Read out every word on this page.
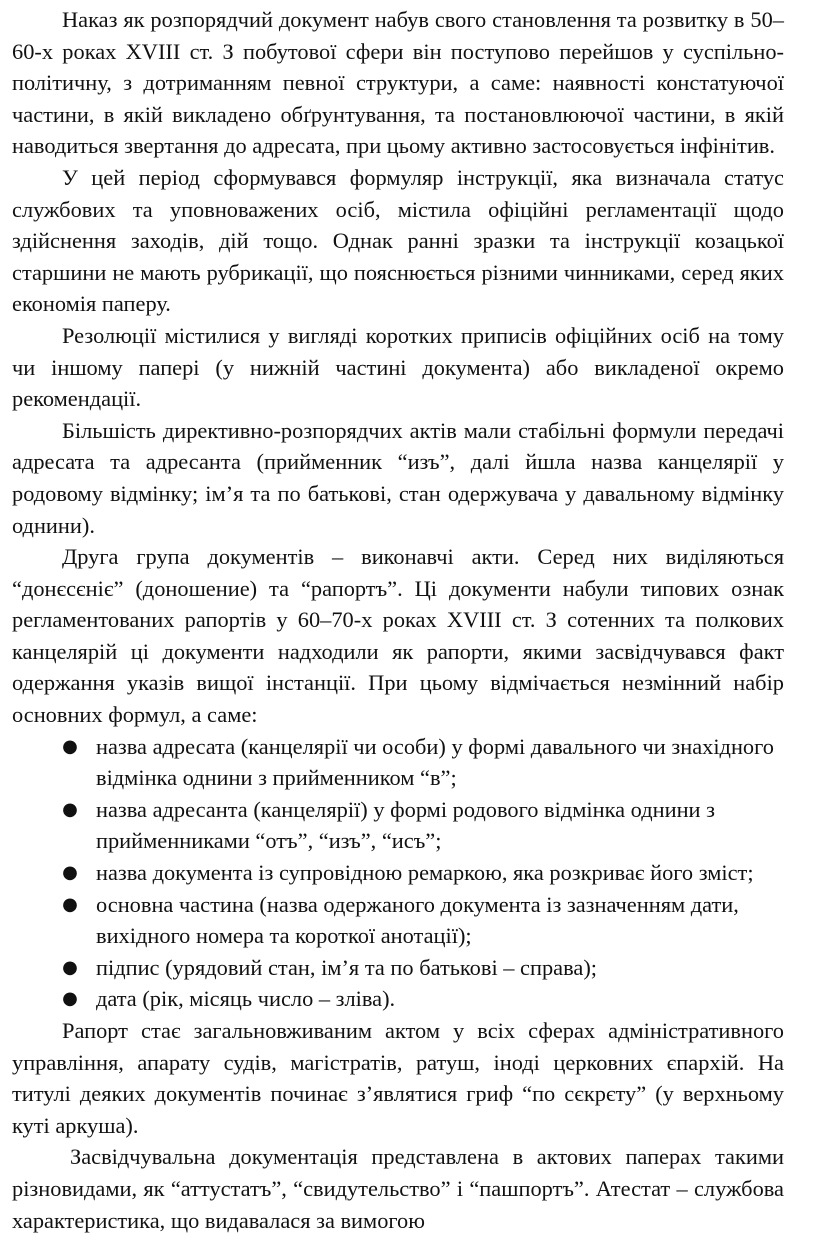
Наказ як розпорядчий документ набув свого становлення та розвитку в 50–60-х роках XVIII ст. З побутової сфери він поступово перейшов у суспільно-політичну, з дотриманням певної структури, а саме: наявності констатуючої частини, в якій викладено обґрунтування, та постановлюючої частини, в якій наводиться звертання до адресата, при цьому активно застосовується інфінітив.

У цей період сформувався формуляр інструкції, яка визначала статус службових та уповноважених осіб, містила офіційні регламентації щодо здійснення заходів, дій тощо. Однак ранні зразки та інструкції козацької старшини не мають рубрикації, що пояснюється різними чинниками, серед яких економія паперу.

Резолюції містилися у вигляді коротких приписів офіційних осіб на тому чи іншому папері (у нижній частині документа) або викладеної окремо рекомендації.

Більшість директивно-розпорядчих актів мали стабільні формули передачі адресата та адресанта (прийменник “изъ”, далі йшла назва канцелярії у родовому відмінку; ім’я та по батькові, стан одержувача у давальному відмінку однини).

Друга група документів – виконавчі акти. Серед них виділяються “донєсєніє” (доношение) та “рапортъ”. Ці документи набули типових ознак регламентованих рапортів у 60–70-х роках XVIII ст. З сотенних та полкових канцелярій ці документи надходили як рапорти, якими засвідчувався факт одержання указів вищої інстанції. При цьому відмічається незмінний набір основних формул, а саме:

● назва адресата (канцелярії чи особи) у формі давального чи знахідного відмінка однини з прийменником “в”;
● назва адресанта (канцелярії) у формі родового відмінка однини з прийменниками “отъ”, “изъ”, “исъ”;
● назва документа із супровідною ремаркою, яка розкриває його зміст;
● основна частина (назва одержаного документа із зазначенням дати, вихідного номера та короткої анотації);
● підпис (урядовий стан, ім’я та по батькові – справа);
● дата (рік, місяць число – зліва).

Рапорт стає загальновживаним актом у всіх сферах адміністративного управління, апарату судів, магістратів, ратуш, іноді церковних єпархій. На титулі деяких документів починає з’являтися гриф “по сєкрєту” (у верхньому куті аркуша).

Засвідчувальна документація представлена в актових паперах такими різновидами, як “аттустатъ”, “свидутельство” і “пашпортъ”. Атестат – службова характеристика, що видавалася за вимогою
